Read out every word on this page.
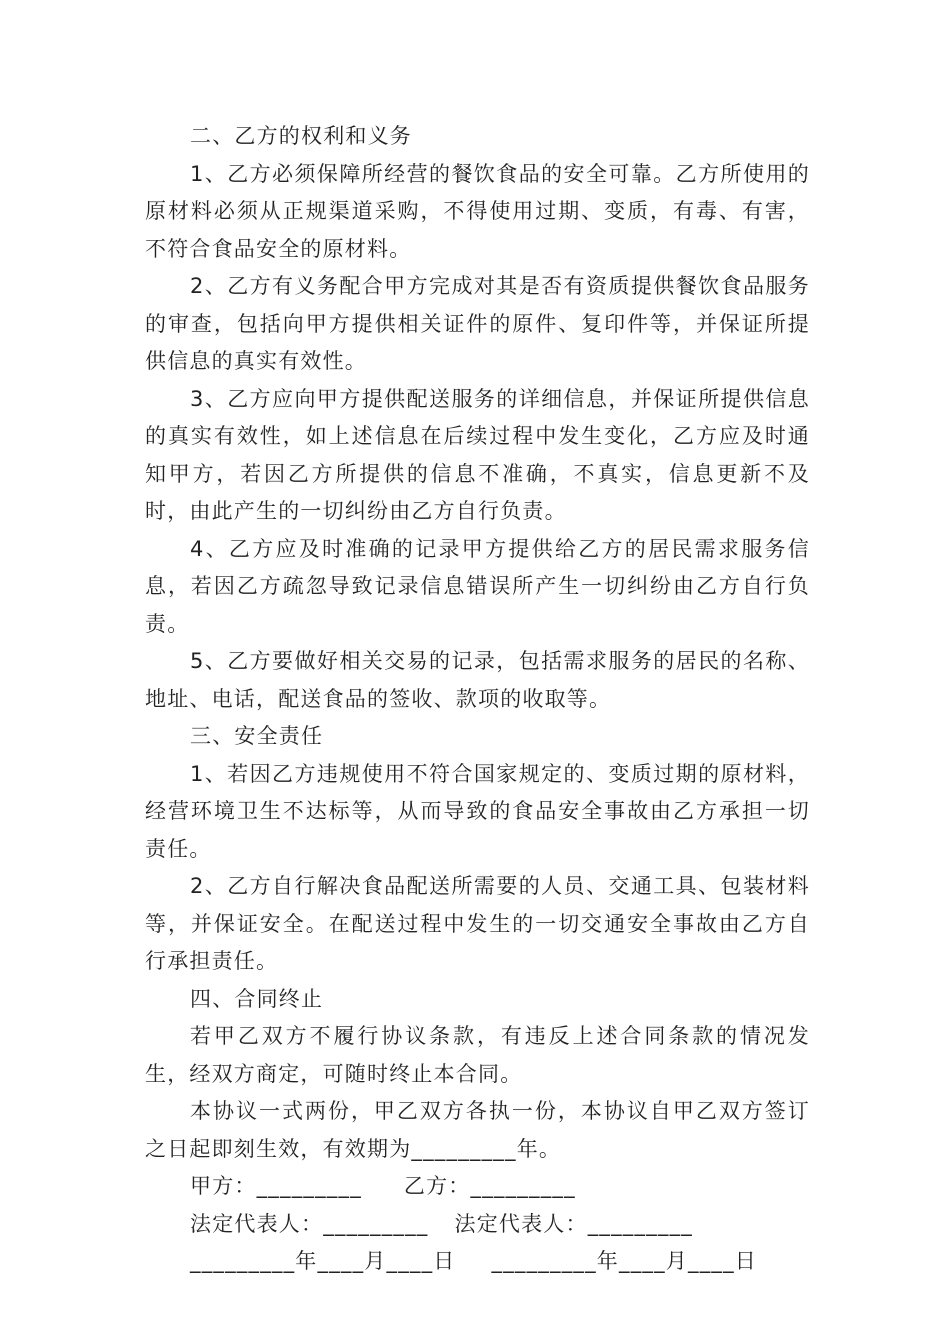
二、乙方的权利和义务

1、乙方必须保障所经营的餐饮食品的安全可靠。乙方所使用的原材料必须从正规渠道采购，不得使用过期、变质，有毒、有害，不符合食品安全的原材料。

2、乙方有义务配合甲方完成对其是否有资质提供餐饮食品服务的审查，包括向甲方提供相关证件的原件、复印件等，并保证所提供信息的真实有效性。

3、乙方应向甲方提供配送服务的详细信息，并保证所提供信息的真实有效性，如上述信息在后续过程中发生变化，乙方应及时通知甲方，若因乙方所提供的信息不准确，不真实，信息更新不及时，由此产生的一切纠纷由乙方自行负责。

4、乙方应及时准确的记录甲方提供给乙方的居民需求服务信息，若因乙方疏忽导致记录信息错误所产生一切纠纷由乙方自行负责。

5、乙方要做好相关交易的记录，包括需求服务的居民的名称、地址、电话，配送食品的签收、款项的收取等。

三、安全责任

1、若因乙方违规使用不符合国家规定的、变质过期的原材料，经营环境卫生不达标等，从而导致的食品安全事故由乙方承担一切责任。

2、乙方自行解决食品配送所需要的人员、交通工具、包装材料等，并保证安全。在配送过程中发生的一切交通安全事故由乙方自行承担责任。

四、合同终止

若甲乙双方不履行协议条款，有违反上述合同条款的情况发生，经双方商定，可随时终止本合同。

本协议一式两份，甲乙双方各执一份，本协议自甲乙双方签订之日起即刻生效，有效期为_________年。

甲方：_________ 乙方：_________

法定代表人：_________ 法定代表人：_________

_________年____月____日 _________年____月____日
